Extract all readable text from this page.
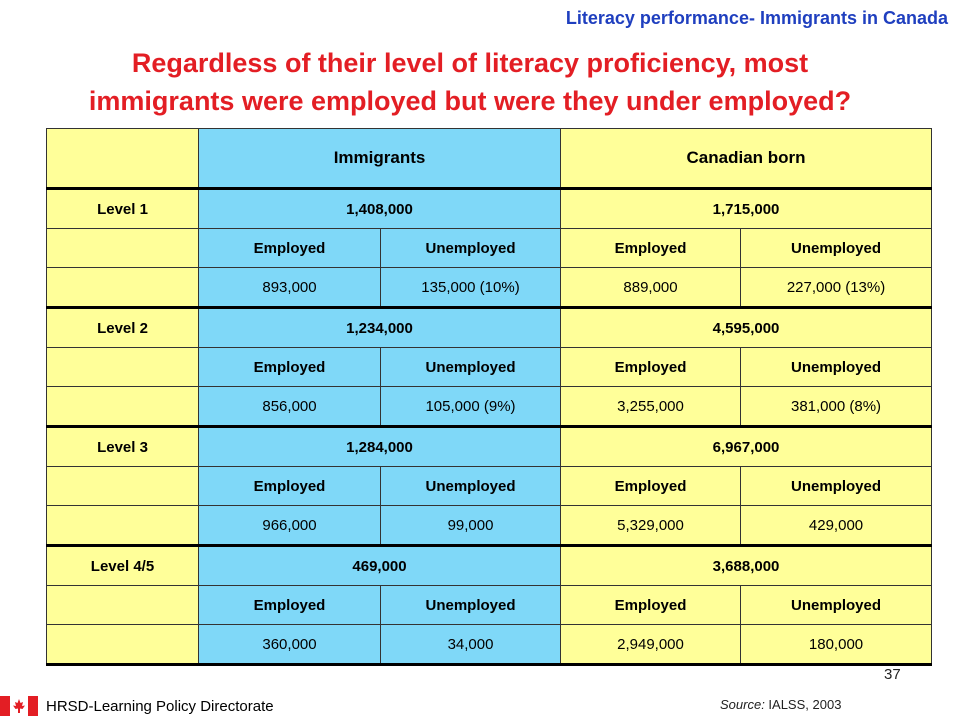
Literacy performance- Immigrants in Canada
Regardless of their level of literacy proficiency, most
immigrants were employed but were they under employed?
	Immigrants		Canadian born	
Level 1	1,408,000		1,715,000	
	Employed	Unemployed	Employed	Unemployed
	893,000	135,000 (10%)	889,000	227,000 (13%)
Level 2	1,234,000		4,595,000	
	Employed	Unemployed	Employed	Unemployed
	856,000	105,000 (9%)	3,255,000	381,000 (8%)
Level 3	1,284,000		6,967,000	
	Employed	Unemployed	Employed	Unemployed
	966,000	99,000	5,329,000	429,000
Level 4/5	469,000		3,688,000	
	Employed	Unemployed	Employed	Unemployed
	360,000	34,000	2,949,000	180,000
37
HRSD-Learning Policy Directorate	Source: IALSS, 2003
